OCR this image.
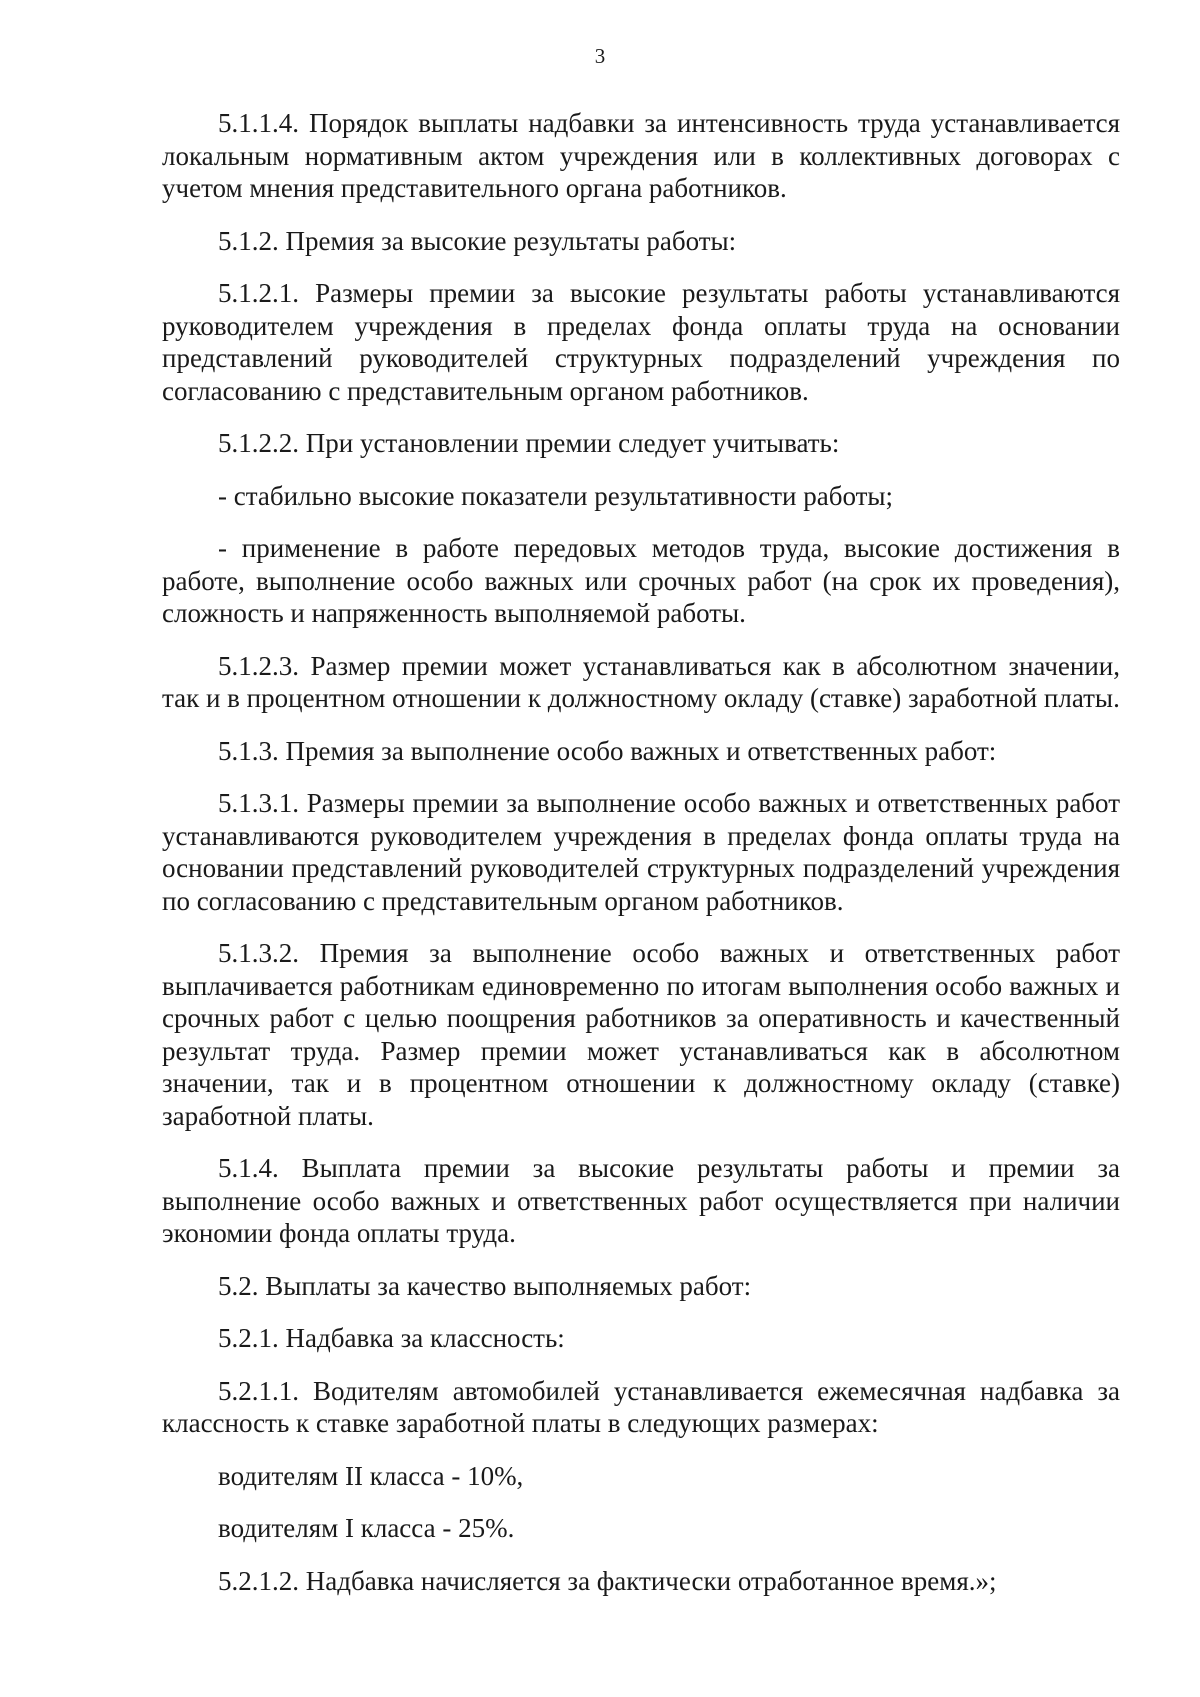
3

5.1.1.4. Порядок выплаты надбавки за интенсивность труда устанавливается локальным нормативным актом учреждения или в коллективных договорах с учетом мнения представительного органа работников.

5.1.2. Премия за высокие результаты работы:

5.1.2.1. Размеры премии за высокие результаты работы устанавливаются руководителем учреждения в пределах фонда оплаты труда на основании представлений руководителей структурных подразделений учреждения по согласованию с представительным органом работников.

5.1.2.2. При установлении премии следует учитывать:

- стабильно высокие показатели результативности работы;

- применение в работе передовых методов труда, высокие достижения в работе, выполнение особо важных или срочных работ (на срок их проведения), сложность и напряженность выполняемой работы.

5.1.2.3. Размер премии может устанавливаться как в абсолютном значении, так и в процентном отношении к должностному окладу (ставке) заработной платы.

5.1.3. Премия за выполнение особо важных и ответственных работ:

5.1.3.1. Размеры премии за выполнение особо важных и ответственных работ устанавливаются руководителем учреждения в пределах фонда оплаты труда на основании представлений руководителей структурных подразделений учреждения по согласованию с представительным органом работников.

5.1.3.2. Премия за выполнение особо важных и ответственных работ выплачивается работникам единовременно по итогам выполнения особо важных и срочных работ с целью поощрения работников за оперативность и качественный результат труда. Размер премии может устанавливаться как в абсолютном значении, так и в процентном отношении к должностному окладу (ставке) заработной платы.

5.1.4. Выплата премии за высокие результаты работы и премии за выполнение особо важных и ответственных работ осуществляется при наличии экономии фонда оплаты труда.

5.2. Выплаты за качество выполняемых работ:

5.2.1. Надбавка за классность:

5.2.1.1. Водителям автомобилей устанавливается ежемесячная надбавка за классность к ставке заработной платы в следующих размерах:

водителям II класса - 10%,

водителям I класса - 25%.

5.2.1.2. Надбавка начисляется за фактически отработанное время.»;
